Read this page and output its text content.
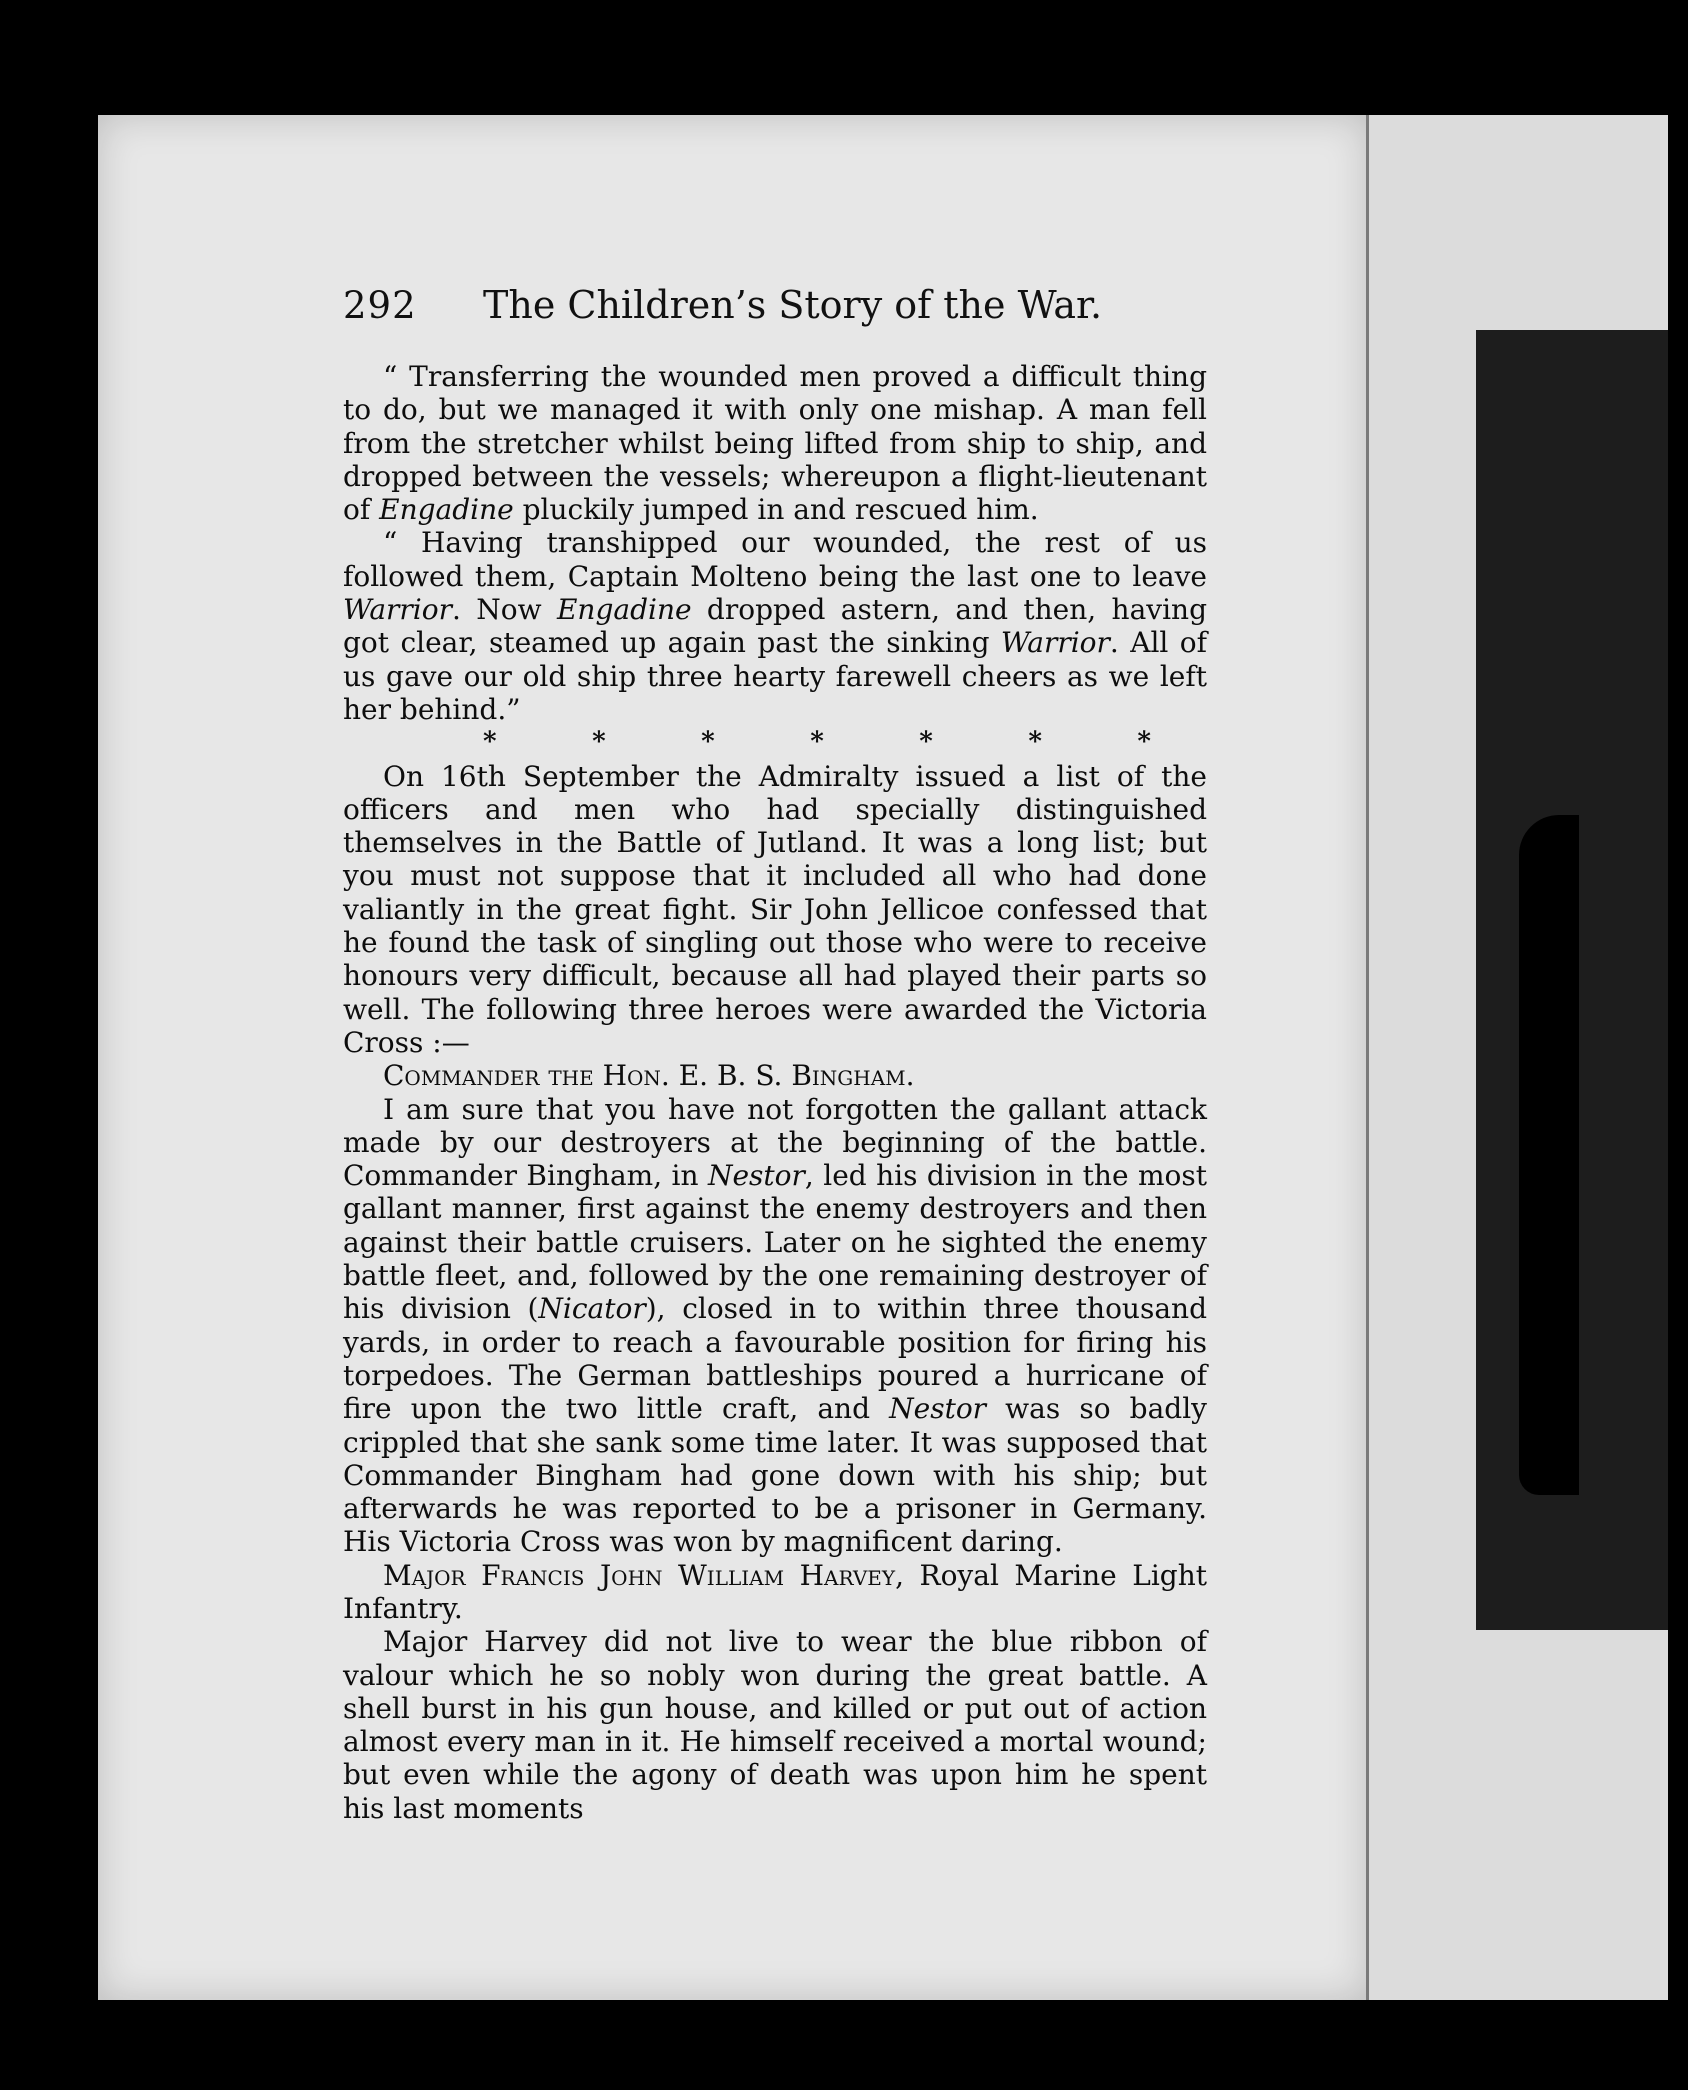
292	The Children’s Story of the War.

“ Transferring the wounded men proved a difficult thing to do, but we managed it with only one mishap. A man fell from the stretcher whilst being lifted from ship to ship, and dropped between the vessels; whereupon a flight-lieutenant of Engadine pluckily jumped in and rescued him.

“ Having transhipped our wounded, the rest of us followed them, Captain Molteno being the last one to leave Warrior. Now Engadine dropped astern, and then, having got clear, steamed up again past the sinking Warrior. All of us gave our old ship three hearty farewell cheers as we left her behind.”

*	*	*	*	*	*	*

On 16th September the Admiralty issued a list of the officers and men who had specially distinguished themselves in the Battle of Jutland. It was a long list; but you must not suppose that it included all who had done valiantly in the great fight. Sir John Jellicoe confessed that he found the task of singling out those who were to receive honours very difficult, because all had played their parts so well. The following three heroes were awarded the Victoria Cross :—

Commander the Hon. E. B. S. Bingham.

I am sure that you have not forgotten the gallant attack made by our destroyers at the beginning of the battle. Commander Bingham, in Nestor, led his division in the most gallant manner, first against the enemy destroyers and then against their battle cruisers. Later on he sighted the enemy battle fleet, and, followed by the one remaining destroyer of his division (Nicator), closed in to within three thousand yards, in order to reach a favourable position for firing his torpedoes. The German battleships poured a hurricane of fire upon the two little craft, and Nestor was so badly crippled that she sank some time later. It was supposed that Commander Bingham had gone down with his ship; but afterwards he was reported to be a prisoner in Germany. His Victoria Cross was won by magnificent daring.

Major Francis John William Harvey, Royal Marine Light Infantry.

Major Harvey did not live to wear the blue ribbon of valour which he so nobly won during the great battle. A shell burst in his gun house, and killed or put out of action almost every man in it. He himself received a mortal wound; but even while the agony of death was upon him he spent his last moments
